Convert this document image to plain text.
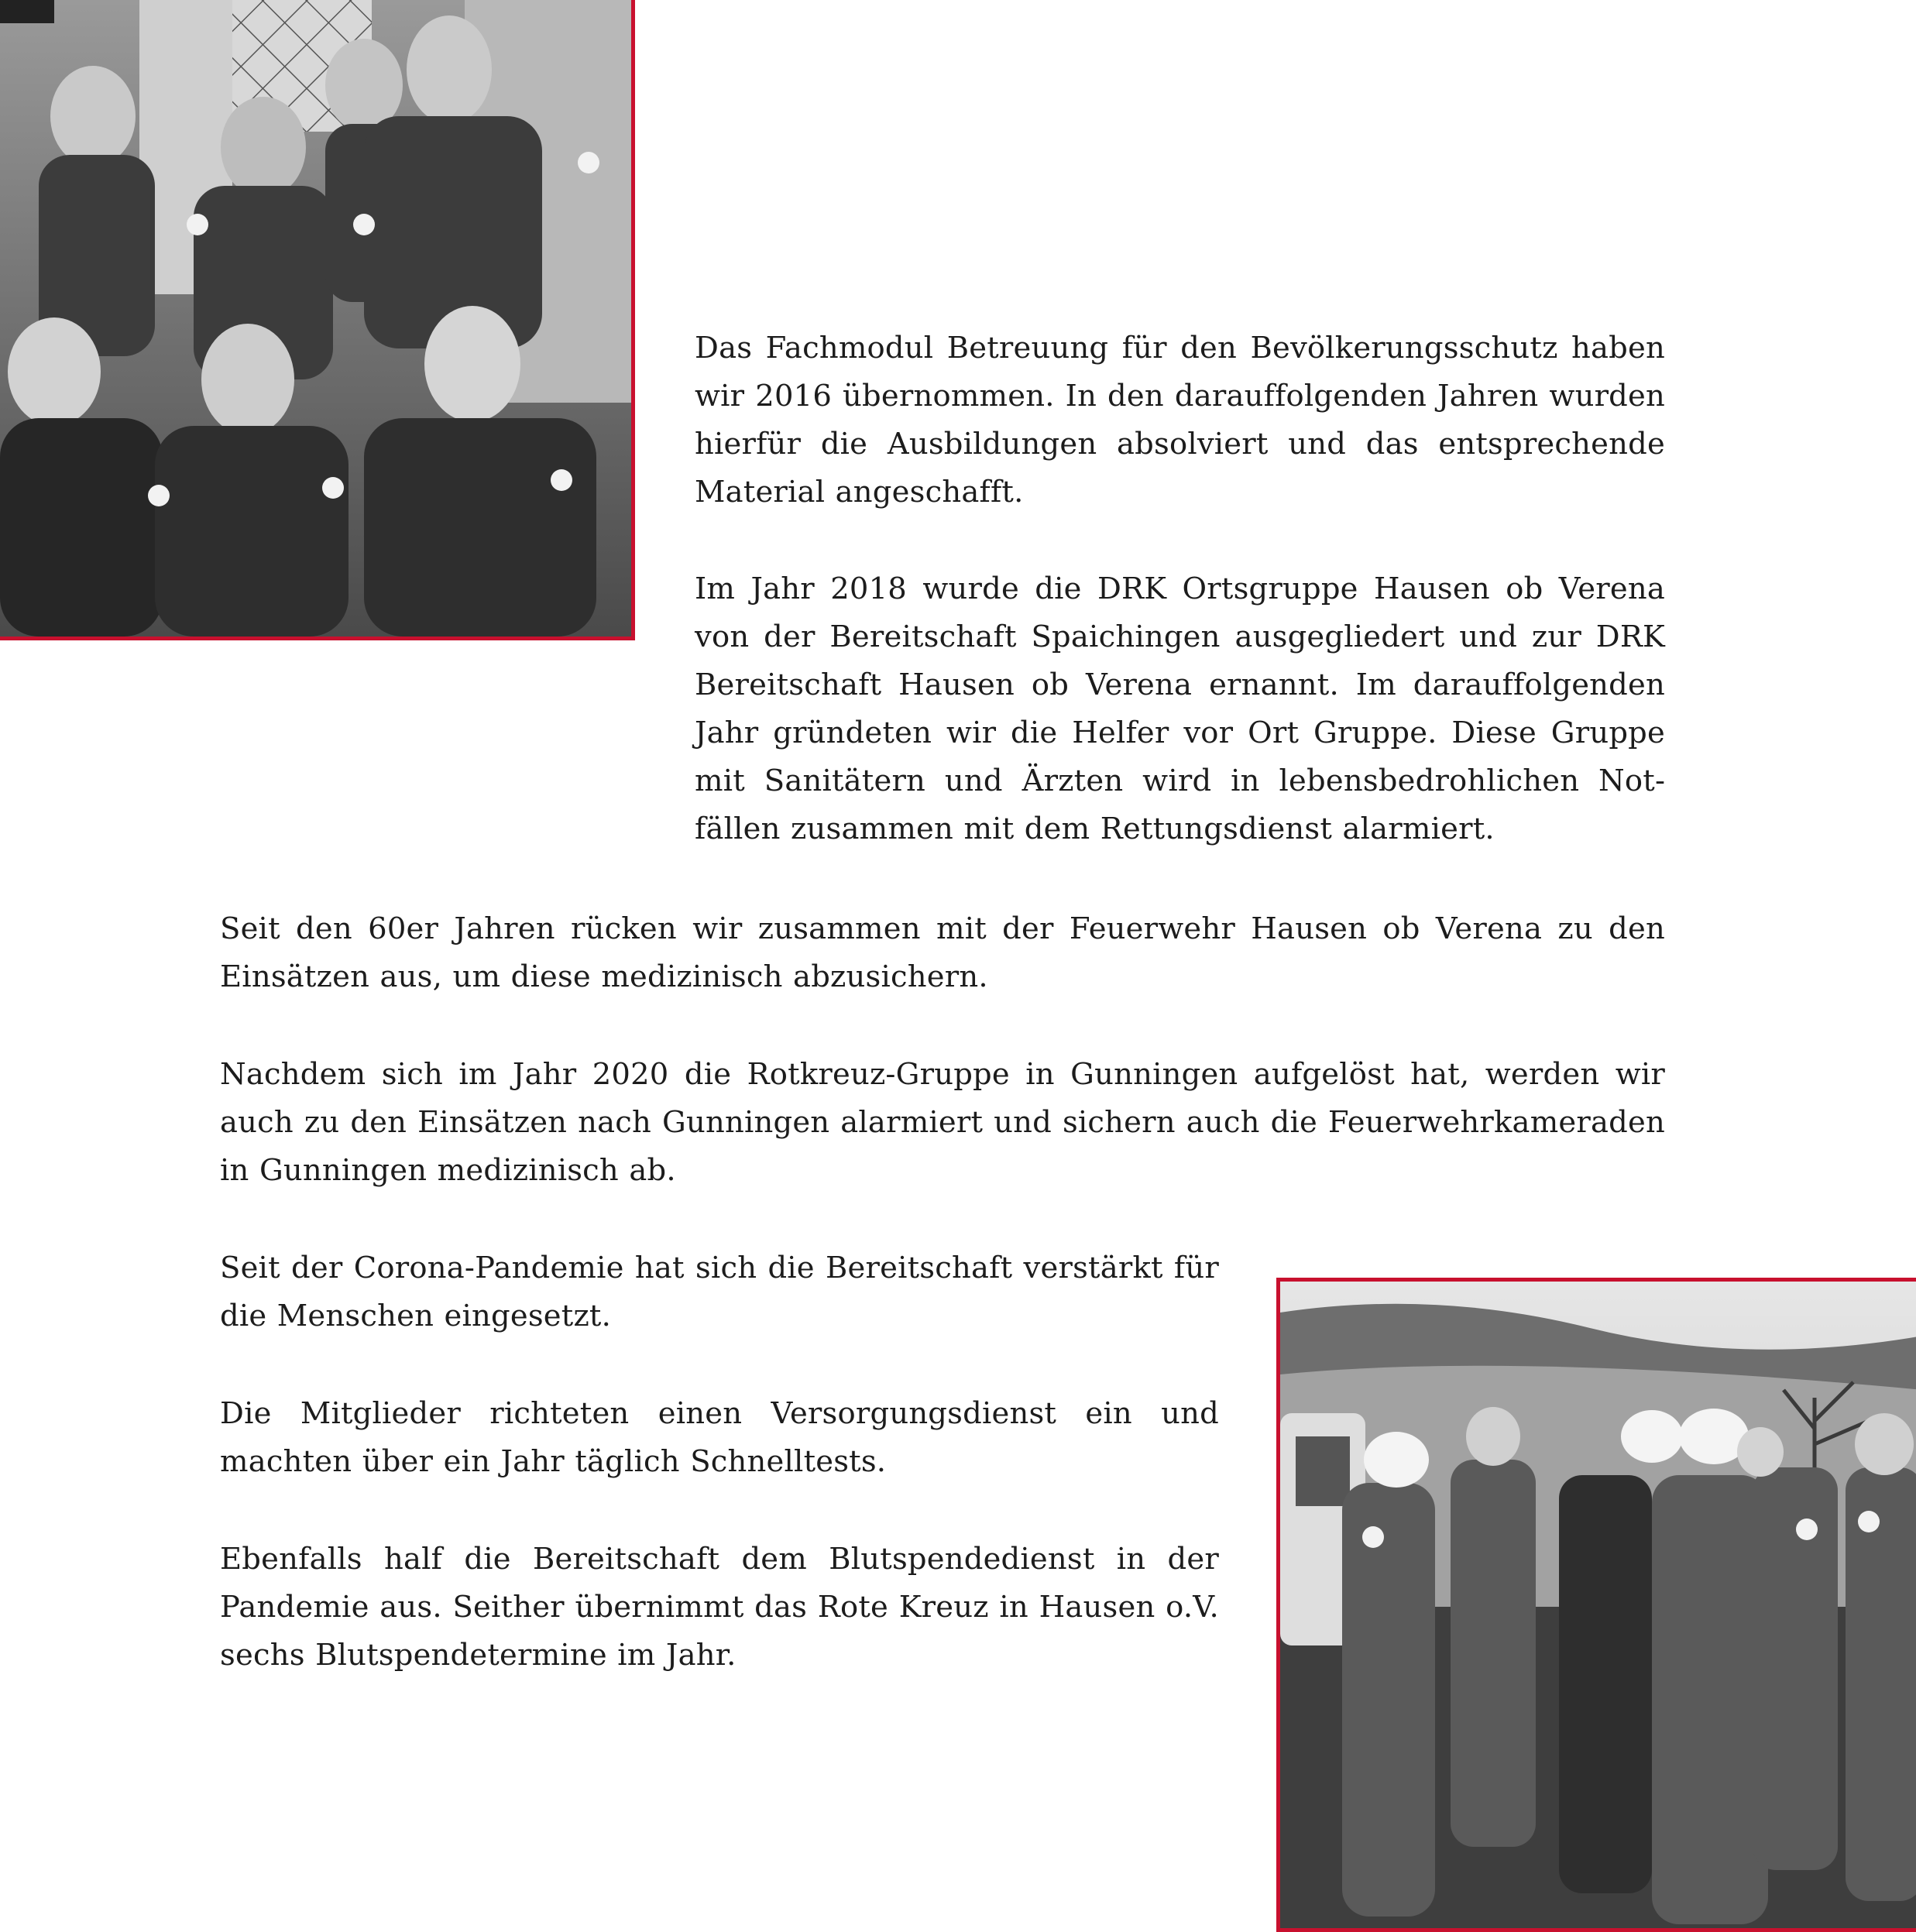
Das Fachmodul Betreuung für den Bevölkerungsschutz haben wir 2016 übernommen. In den darauffolgenden Jahren wurden hierfür die Ausbildungen absolviert und das entsprechende Material angeschafft.

Im Jahr 2018 wurde die DRK Ortsgruppe Hausen ob Verena von der Bereitschaft Spaichingen ausgegliedert und zur DRK Bereitschaft Hausen ob Verena ernannt. Im darauffolgenden Jahr gründeten wir die Helfer vor Ort Gruppe. Diese Gruppe mit Sanitätern und Ärzten wird in lebensbedrohlichen Notfällen zusammen mit dem Rettungsdienst alarmiert.

Seit den 60er Jahren rücken wir zusammen mit der Feuerwehr Hausen ob Verena zu den Einsätzen aus, um diese medizinisch abzusichern.

Nachdem sich im Jahr 2020 die Rotkreuz-Gruppe in Gunningen aufgelöst hat, werden wir auch zu den Einsätzen nach Gunningen alarmiert und sichern auch die Feuerwehrkameraden in Gunningen medizinisch ab.

Seit der Corona-Pandemie hat sich die Bereitschaft verstärkt für die Menschen eingesetzt.

Die Mitglieder richteten einen Versorgungsdienst ein und machten über ein Jahr täglich Schnelltests.

Ebenfalls half die Bereitschaft dem Blutspendedienst in der Pandemie aus. Seither übernimmt das Rote Kreuz in Hausen o.V. sechs Blutspendetermine im Jahr.
